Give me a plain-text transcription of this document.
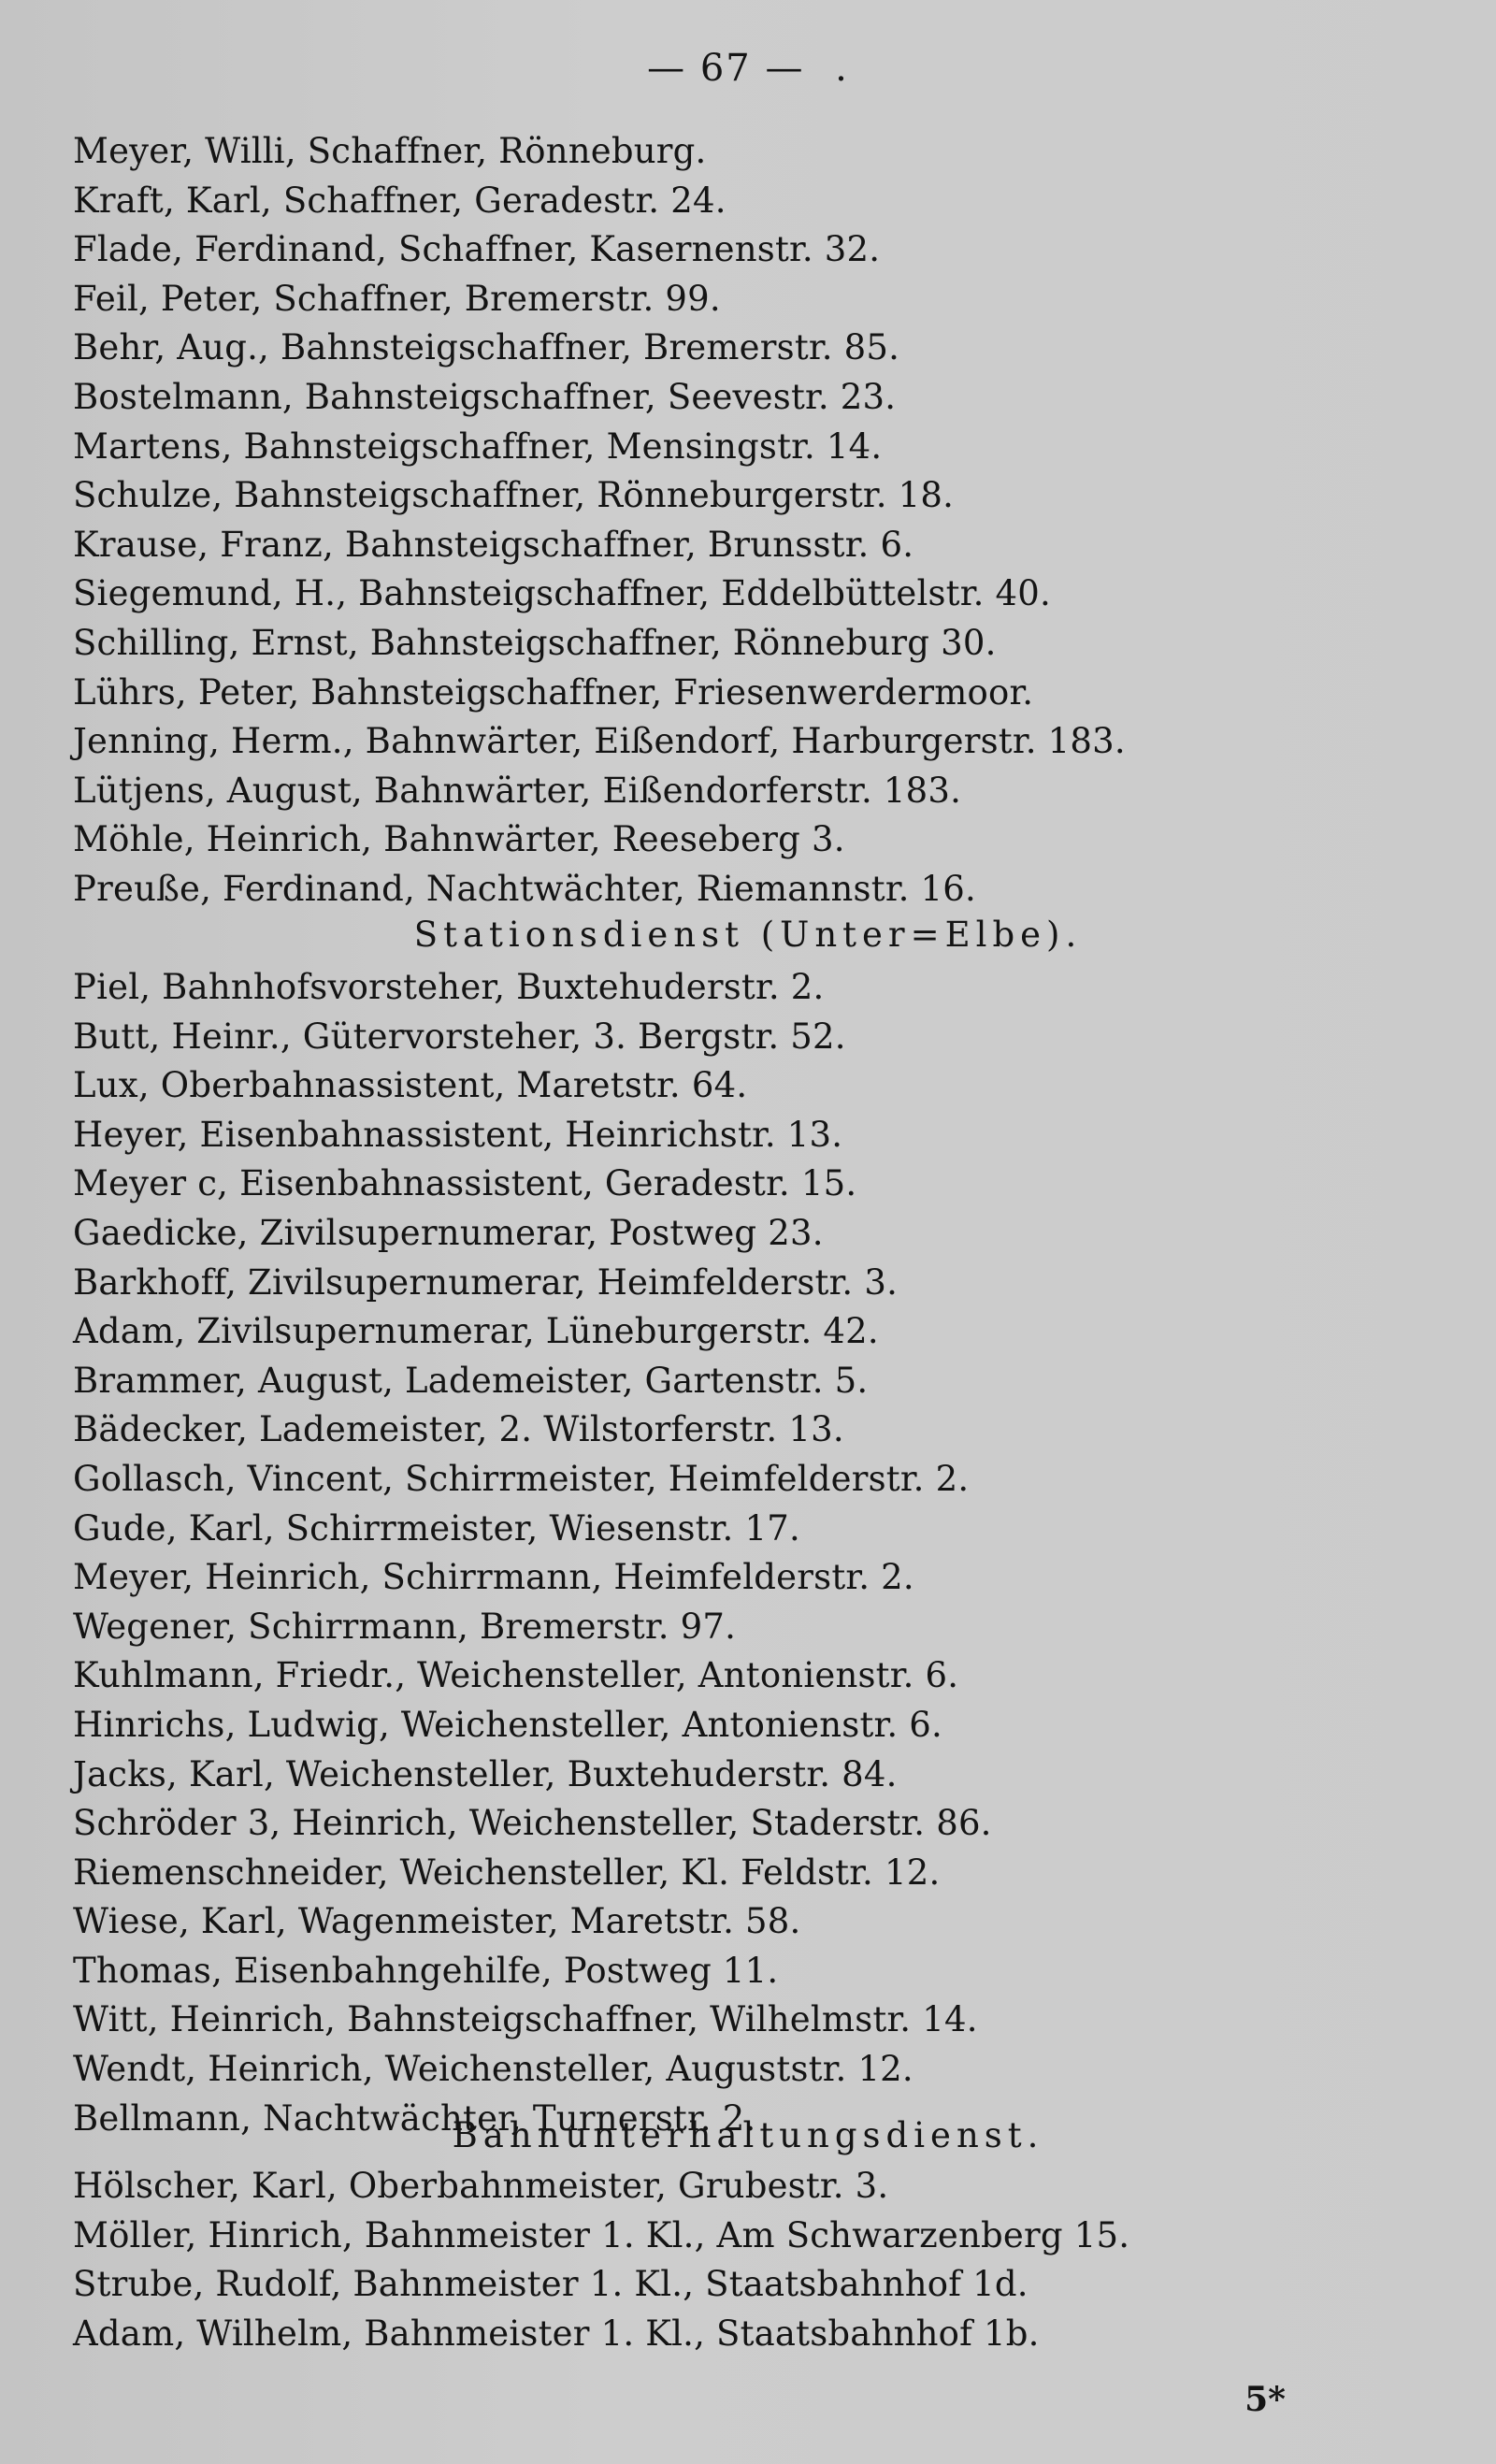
— 67 — .
Meyer, Willi, Schaffner, Rönneburg.
Kraft, Karl, Schaffner, Geradestr. 24.
Flade, Ferdinand, Schaffner, Kasernenstr. 32.
Feil, Peter, Schaffner, Bremerstr. 99.
Behr, Aug., Bahnsteigschaffner, Bremerstr. 85.
Bostelmann, Bahnsteigschaffner, Seevestr. 23.
Martens, Bahnsteigschaffner, Mensingstr. 14.
Schulze, Bahnsteigschaffner, Rönneburgerstr. 18.
Krause, Franz, Bahnsteigschaffner, Brunsstr. 6.
Siegemund, H., Bahnsteigschaffner, Eddelbüttelstr. 40.
Schilling, Ernst, Bahnsteigschaffner, Rönneburg 30.
Lührs, Peter, Bahnsteigschaffner, Friesenwerdermoor.
Jenning, Herm., Bahnwärter, Eißendorf, Harburgerstr. 183.
Lütjens, August, Bahnwärter, Eißendorferstr. 183.
Möhle, Heinrich, Bahnwärter, Reeseberg 3.
Preuße, Ferdinand, Nachtwächter, Riemannstr. 16.
Stationsdienst (Unter=Elbe).
Piel, Bahnhofsvorsteher, Buxtehuderstr. 2.
Butt, Heinr., Gütervorsteher, 3. Bergstr. 52.
Lux, Oberbahnassistent, Maretstr. 64.
Heyer, Eisenbahnassistent, Heinrichstr. 13.
Meyer c, Eisenbahnassistent, Geradestr. 15.
Gaedicke, Zivilsupernumerar, Postweg 23.
Barkhoff, Zivilsupernumerar, Heimfelderstr. 3.
Adam, Zivilsupernumerar, Lüneburgerstr. 42.
Brammer, August, Lademeister, Gartenstr. 5.
Bädecker, Lademeister, 2. Wilstorferstr. 13.
Gollasch, Vincent, Schirrmeister, Heimfelderstr. 2.
Gude, Karl, Schirrmeister, Wiesenstr. 17.
Meyer, Heinrich, Schirrmann, Heimfelderstr. 2.
Wegener, Schirrmann, Bremerstr. 97.
Kuhlmann, Friedr., Weichensteller, Antonienstr. 6.
Hinrichs, Ludwig, Weichensteller, Antonienstr. 6.
Jacks, Karl, Weichensteller, Buxtehuderstr. 84.
Schröder 3, Heinrich, Weichensteller, Staderstr. 86.
Riemenschneider, Weichensteller, Kl. Feldstr. 12.
Wiese, Karl, Wagenmeister, Maretstr. 58.
Thomas, Eisenbahngehilfe, Postweg 11.
Witt, Heinrich, Bahnsteigschaffner, Wilhelmstr. 14.
Wendt, Heinrich, Weichensteller, Auguststr. 12.
Bellmann, Nachtwächter, Turnerstr. 2.
Bahnunterhaltungsdienst.
Hölscher, Karl, Oberbahnmeister, Grubestr. 3.
Möller, Hinrich, Bahnmeister 1. Kl., Am Schwarzenberg 15.
Strube, Rudolf, Bahnmeister 1. Kl., Staatsbahnhof 1d.
Adam, Wilhelm, Bahnmeister 1. Kl., Staatsbahnhof 1b.
5*
